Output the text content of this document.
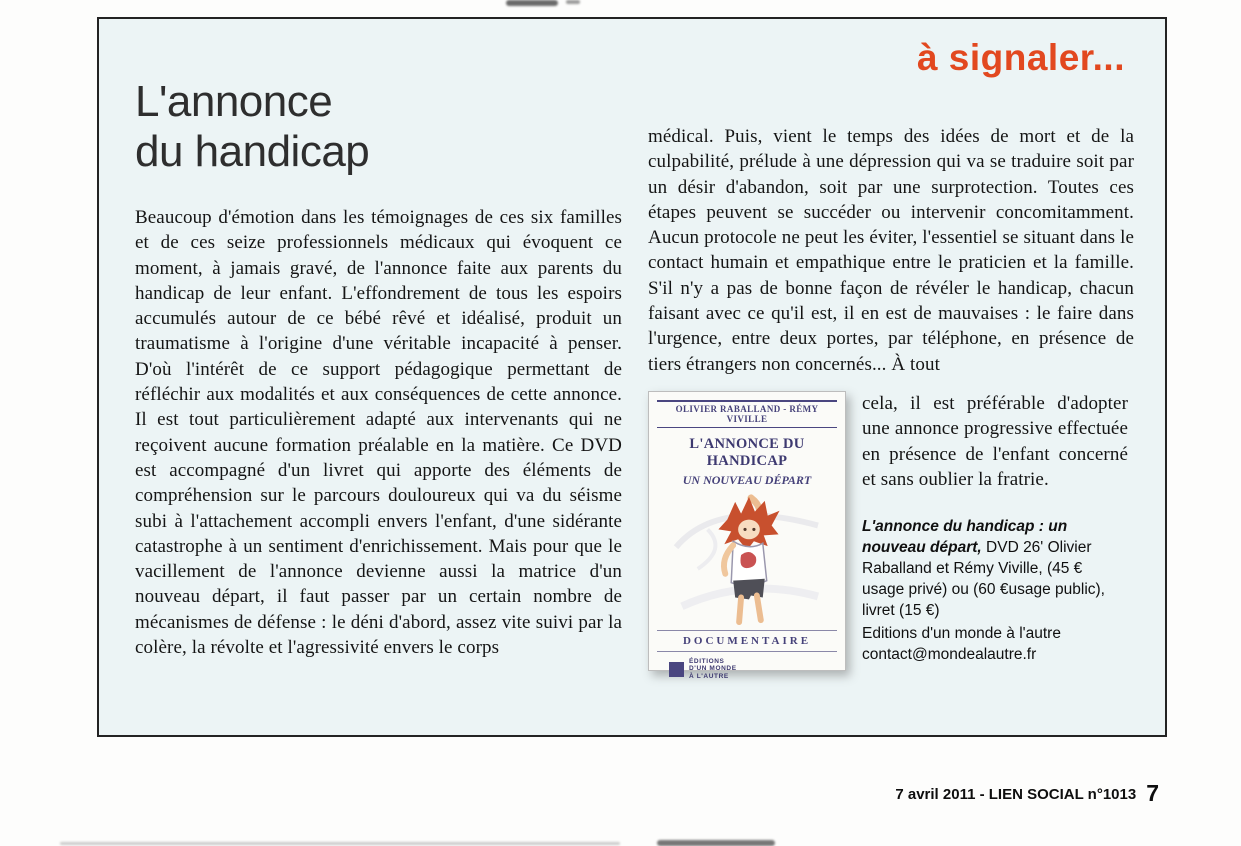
à signaler...
L'annonce
du handicap

Beaucoup d'émotion dans les témoignages de ces six familles et de ces seize professionnels médicaux qui évoquent ce moment, à jamais gravé, de l'annonce faite aux parents du handicap de leur enfant. L'effondrement de tous les espoirs accumulés autour de ce bébé rêvé et idéalisé, produit un traumatisme à l'origine d'une véritable incapacité à penser. D'où l'intérêt de ce support pédagogique permettant de réfléchir aux modalités et aux conséquences de cette annonce. Il est tout particulièrement adapté aux intervenants qui ne reçoivent aucune formation préalable en la matière. Ce DVD est accompagné d'un livret qui apporte des éléments de compréhension sur le parcours douloureux qui va du séisme subi à l'attachement accompli envers l'enfant, d'une sidérante catastrophe à un sentiment d'enrichissement. Mais pour que le vacillement de l'annonce devienne aussi la matrice d'un nouveau départ, il faut passer par un certain nombre de mécanismes de défense : le déni d'abord, assez vite suivi par la colère, la révolte et l'agressivité envers le corps

médical. Puis, vient le temps des idées de mort et de la culpabilité, prélude à une dépression qui va se traduire soit par un désir d'abandon, soit par une surprotection. Toutes ces étapes peuvent se succéder ou intervenir concomitamment. Aucun protocole ne peut les éviter, l'essentiel se situant dans le contact humain et empathique entre le praticien et la famille. S'il n'y a pas de bonne façon de révéler le handicap, chacun faisant avec ce qu'il est, il en est de mauvaises : le faire dans l'urgence, entre deux portes, par téléphone, en présence de tiers étrangers non concernés... À tout

OLIVIER RABALLAND - RÉMY VIVILLE
L'ANNONCE DU HANDICAP
UN NOUVEAU DÉPART
DOCUMENTAIRE
ÉDITIONS
D'UN MONDE
À L'AUTRE

cela, il est préférable d'adopter une annonce progressive effectuée en présence de l'enfant concerné et sans oublier la fratrie.

L'annonce du handicap : un nouveau départ, DVD 26' Olivier Raballand et Rémy Viville, (45 € usage privé) ou (60 €usage public), livret (15 €)

Editions d'un monde à l'autre
contact@mondealautre.fr
7 avril 2011 - LIEN SOCIAL n°1013 7
